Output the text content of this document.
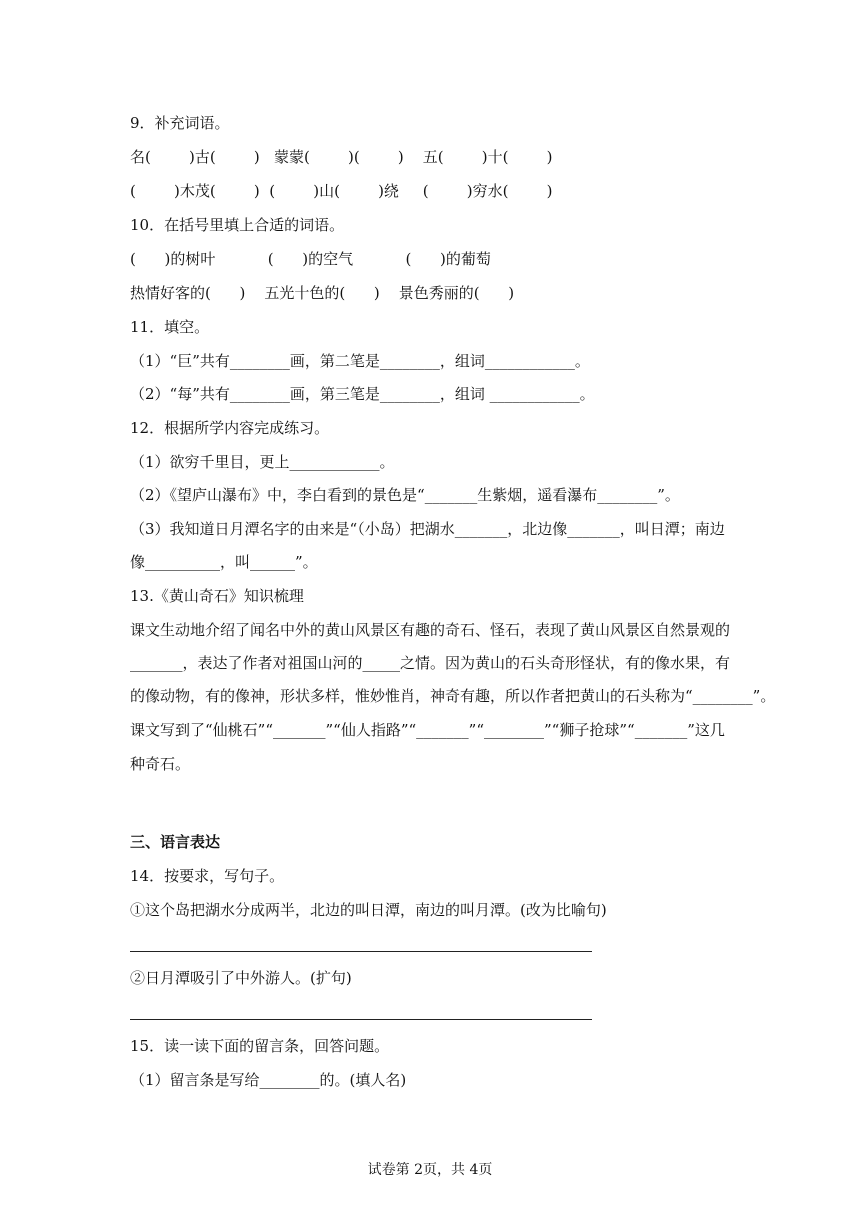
9．补充词语。
名(        )古(        )   蒙蒙(        )(        )    五(        )十(        )
(        )木茂(        )  (        )山(        )绕     (        )穷水(        )
10．在括号里填上合适的词语。
(      )的树叶           (      )的空气           (      )的葡萄
热情好客的(      )    五光十色的(      )    景色秀丽的(      )
11．填空。
（1）“巨”共有________画，第二笔是________，组词____________。
（2）“每”共有________画，第三笔是________，组词 ____________。
12．根据所学内容完成练习。
（1）欲穷千里目，更上____________。
（2）《望庐山瀑布》中，李白看到的景色是“_______生紫烟，遥看瀑布________”。
（3）我知道日月潭名字的由来是“（小岛）把湖水_______，北边像_______，叫日潭；南边
像__________，叫______”。
13.《黄山奇石》知识梳理
课文生动地介绍了闻名中外的黄山风景区有趣的奇石、怪石，表现了黄山风景区自然景观的
_______，表达了作者对祖国山河的_____之情。因为黄山的石头奇形怪状，有的像水果，有
的像动物，有的像神，形状多样，惟妙惟肖，神奇有趣，所以作者把黄山的石头称为“________”。
课文写到了“仙桃石”“_______”“仙人指路”“_______”“________”“狮子抢球”“_______”这几
种奇石。
三、语言表达
14．按要求，写句子。
①这个岛把湖水分成两半，北边的叫日潭，南边的叫月潭。(改为比喻句)
②日月潭吸引了中外游人。(扩句)
15．读一读下面的留言条，回答问题。
（1）留言条是写给________的。(填人名)
试卷第 2页，共 4页
